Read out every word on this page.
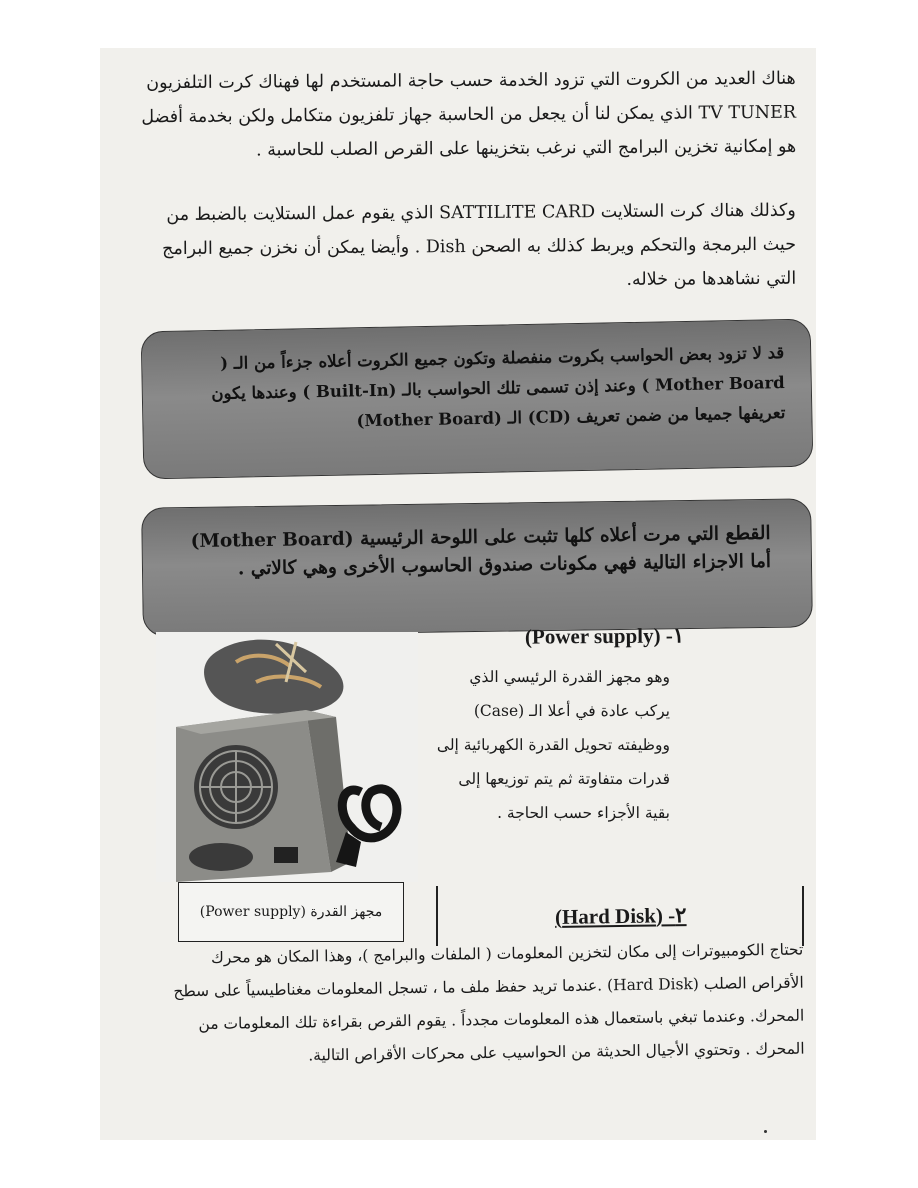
هناك العديد من الكروت التي تزود الخدمة حسب حاجة المستخدم لها فهناك كرت التلفزيون TV TUNER الذي يمكن لنا أن يجعل من الحاسبة جهاز تلفزيون متكامل ولكن بخدمة أفضل هو إمكانية تخزين البرامج التي نرغب بتخزينها على القرص الصلب للحاسبة .

وكذلك هناك كرت الستلايت SATTILITE CARD الذي يقوم عمل الستلايت بالضبط من حيث البرمجة والتحكم ويربط كذلك به الصحن Dish . وأيضا يمكن أن نخزن جميع البرامج التي نشاهدها من خلاله.

قد لا تزود بعض الحواسب بكروت منفصلة وتكون جميع الكروت أعلاه جزءاً من الـ ( Mother Board ) وعند إذن تسمى تلك الحواسب بالـ (Built-In ) وعندها يكون تعريفها جميعا من ضمن تعريف (CD) الـ (Mother Board)
القطع التي مرت أعلاه كلها تثبت على اللوحة الرئيسية (Mother Board) أما الاجزاء التالية فهي مكونات صندوق الحاسوب الأخرى وهي كالاتي .
١- (Power supply)

وهو مجهز القدرة الرئيسي الذي يركب عادة في أعلا الـ (Case) ووظيفته تحويل القدرة الكهربائية إلى قدرات متفاوتة ثم يتم توزيعها إلى بقية الأجزاء حسب الحاجة .

مجهز القدرة (Power supply)	٢- (Hard Disk)

تحتاج الكومبيوترات إلى مكان لتخزين المعلومات ( الملفات والبرامج )، وهذا المكان هو محرك الأقراص الصلب (Hard Disk) .عندما تريد حفظ ملف ما ، تسجل المعلومات مغناطيسياً على سطح المحرك. وعندما تبغي باستعمال هذه المعلومات مجدداً . يقوم القرص بقراءة تلك المعلومات من المحرك . وتحتوي الأجيال الحديثة من الحواسيب على محركات الأقراص التالية.
